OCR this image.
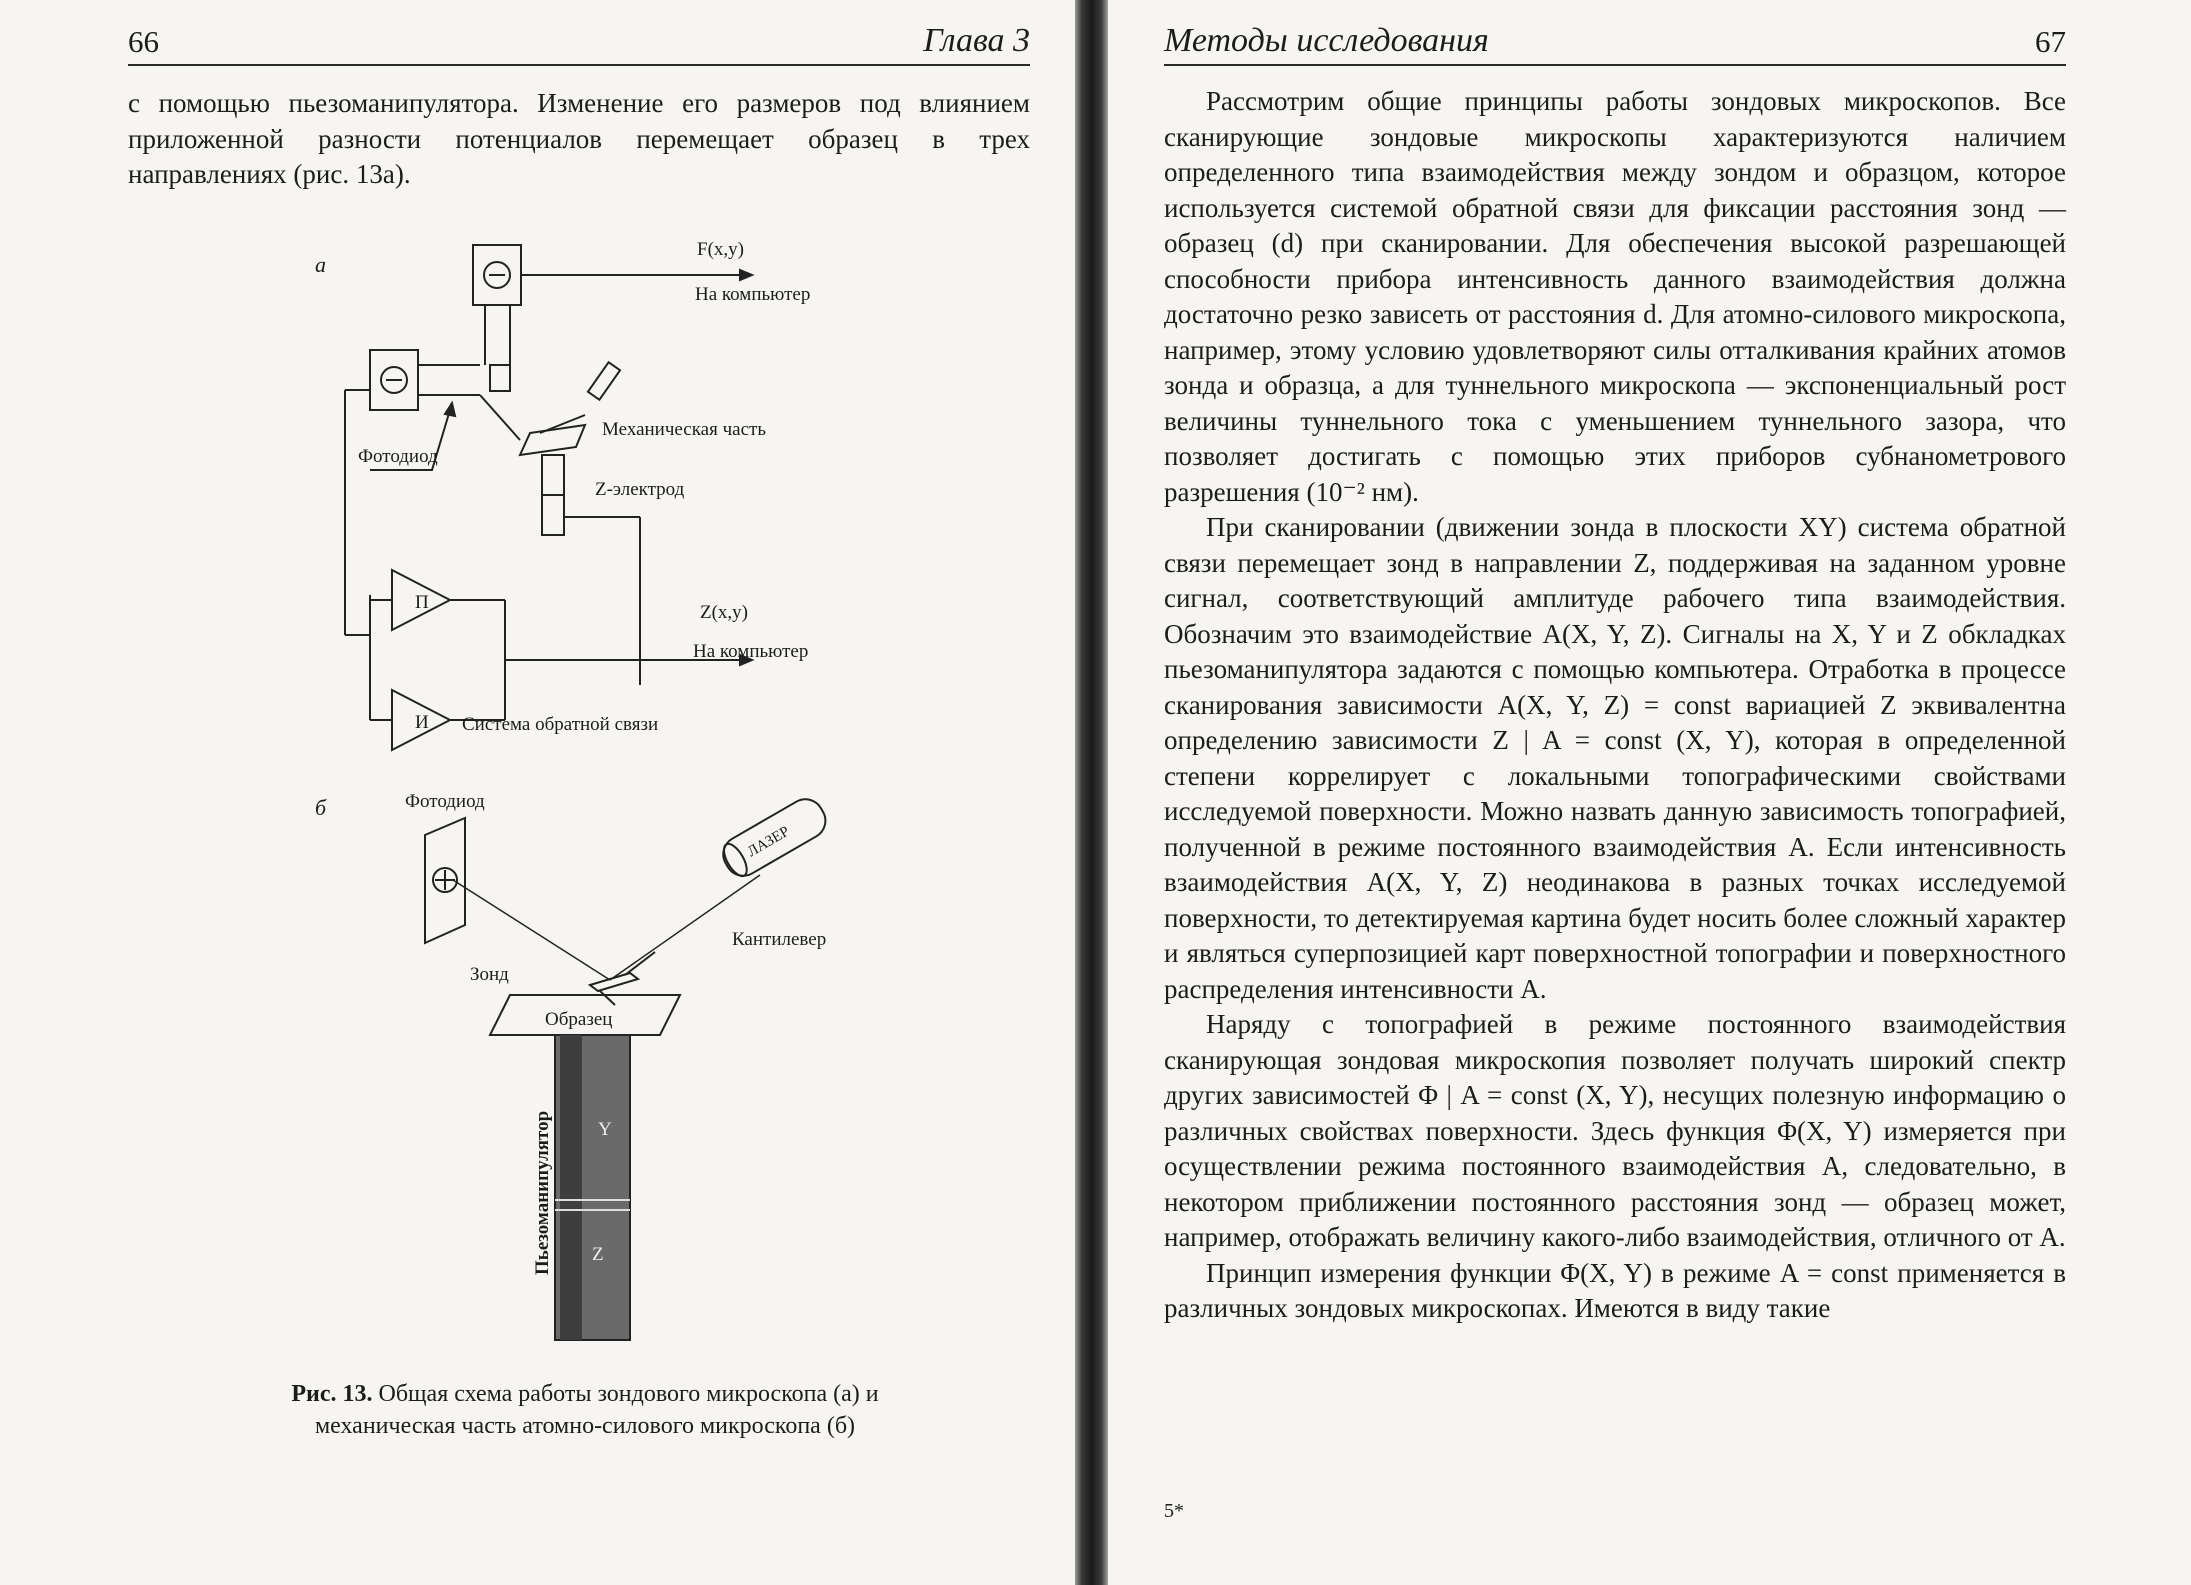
66	Глава 3

с помощью пьезоманипулятора. Изменение его размеров под влиянием приложенной разности потенциалов перемещает образец в трех направлениях (рис. 13а).

а
F(x,y)
На компьютер
Механическая часть
Фотодиод
Z-электрод
П
И
Z(x,y)
На компьютер
Система обратной связи
б	Фотодиод
ЛАЗЕР
Кантилевер
Зонд
Образец
Пьезоманипулятор Y
Z
Рис. 13. Общая схема работы зондового микроскопа (а) и механическая часть атомно-силового микроскопа (б)
Методы исследования	67

Рассмотрим общие принципы работы зондовых микроскопов. Все сканирующие зондовые микроскопы характеризуются наличием определенного типа взаимодействия между зондом и образцом, которое используется системой обратной связи для фиксации расстояния зонд — образец (d) при сканировании. Для обеспечения высокой разрешающей способности прибора интенсивность данного взаимодействия должна достаточно резко зависеть от расстояния d. Для атомно-силового микроскопа, например, этому условию удовлетворяют силы отталкивания крайних атомов зонда и образца, а для туннельного микроскопа — экспоненциальный рост величины туннельного тока с уменьшением туннельного зазора, что позволяет достигать с помощью этих приборов субнанометрового разрешения (10⁻² нм).

При сканировании (движении зонда в плоскости XY) система обратной связи перемещает зонд в направлении Z, поддерживая на заданном уровне сигнал, соответствующий амплитуде рабочего типа взаимодействия. Обозначим это взаимодействие A(X, Y, Z). Сигналы на X, Y и Z обкладках пьезоманипулятора задаются с помощью компьютера. Отработка в процессе сканирования зависимости A(X, Y, Z) = const вариацией Z эквивалентна определению зависимости Z | A = const (X, Y), которая в определенной степени коррелирует с локальными топографическими свойствами исследуемой поверхности. Можно назвать данную зависимость топографией, полученной в режиме постоянного взаимодействия A. Если интенсивность взаимодействия A(X, Y, Z) неодинакова в разных точках исследуемой поверхности, то детектируемая картина будет носить более сложный характер и являться суперпозицией карт поверхностной топографии и поверхностного распределения интенсивности A.

Наряду с топографией в режиме постоянного взаимодействия сканирующая зондовая микроскопия позволяет получать широкий спектр других зависимостей Φ | A = const (X, Y), несущих полезную информацию о различных свойствах поверхности. Здесь функция Φ(X, Y) измеряется при осуществлении режима постоянного взаимодействия A, следовательно, в некотором приближении постоянного расстояния зонд — образец может, например, отображать величину какого-либо взаимодействия, отличного от A.

Принцип измерения функции Φ(X, Y) в режиме A = const применяется в различных зондовых микроскопах. Имеются в виду такие

5*
